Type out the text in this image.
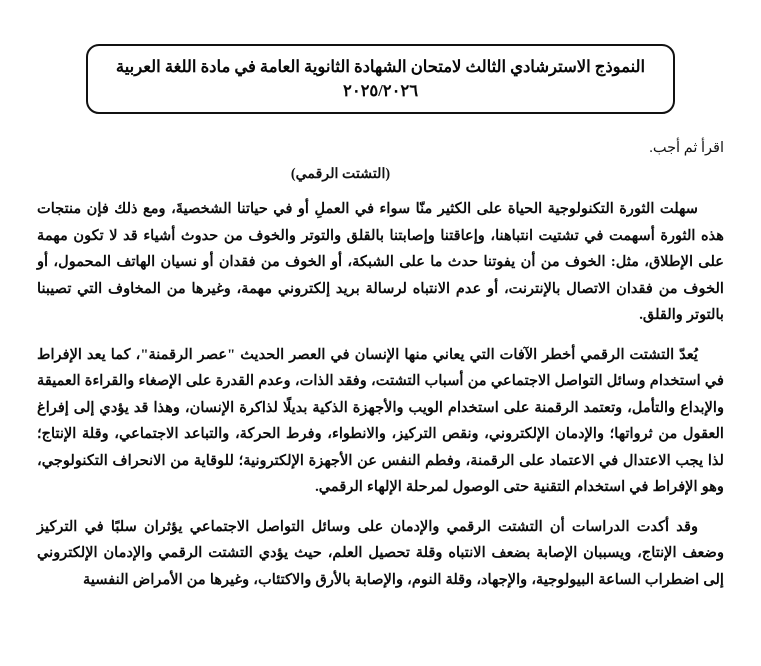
النموذج الاسترشادي الثالث لامتحان الشهادة الثانوية العامة في مادة اللغة العربية
٢٠٢٥/٢٠٢٦
اقرأ ثم أجب.
(التشتت الرقمي)

سهلت الثورة التكنولوجية الحياة على الكثير منّا سواء في العملِ أو في حياتنا الشخصيةَ، ومع ذلك فإن منتجات هذه الثورة أسهمت في تشتيت انتباهنا، وإعاقتنا وإصابتنا بالقلق والتوتر والخوف من حدوث أشياء قد لا تكون مهمة على الإطلاق، مثل: الخوف من أن يفوتنا حدث ما على الشبكة، أو الخوف من فقدان أو نسيان الهاتف المحمول، أو الخوف من فقدان الاتصال بالإنترنت، أو عدم الانتباه لرسالة بريد إلكتروني مهمة، وغيرها من المخاوف التي تصيبنا بالتوتر والقلق.

يُعدّ التشتت الرقمي أخطر الآفات التي يعاني منها الإنسان في العصر الحديث "عصر الرقمنة"، كما يعد الإفراط في استخدام وسائل التواصل الاجتماعي من أسباب التشتت، وفقد الذات، وعدم القدرة على الإصغاء والقراءة العميقة والإبداع والتأمل، وتعتمد الرقمنة على استخدام الويب والأجهزة الذكية بديلًا لذاكرة الإنسان، وهذا قد يؤدي إلى إفراغ العقول من ثرواتها؛ والإدمان الإلكتروني، ونقص التركيز، والانطواء، وفرط الحركة، والتباعد الاجتماعي، وقلة الإنتاج؛ لذا يجب الاعتدال في الاعتماد على الرقمنة، وفطم النفس عن الأجهزة الإلكترونية؛ للوقاية من الانحراف التكنولوجي، وهو الإفراط في استخدام التقنية حتى الوصول لمرحلة الإلهاء الرقمي.

وقد أكدت الدراسات أن التشتت الرقمي والإدمان على وسائل التواصل الاجتماعي يؤثران سلبًا في التركيز وضعف الإنتاج، ويسببان الإصابة بضعف الانتباه وقلة تحصيل العلم، حيث يؤدي التشتت الرقمي والإدمان الإلكتروني إلى اضطراب الساعة البيولوجية، والإجهاد، وقلة النوم، والإصابة بالأرق والاكتئاب، وغيرها من الأمراض النفسية
